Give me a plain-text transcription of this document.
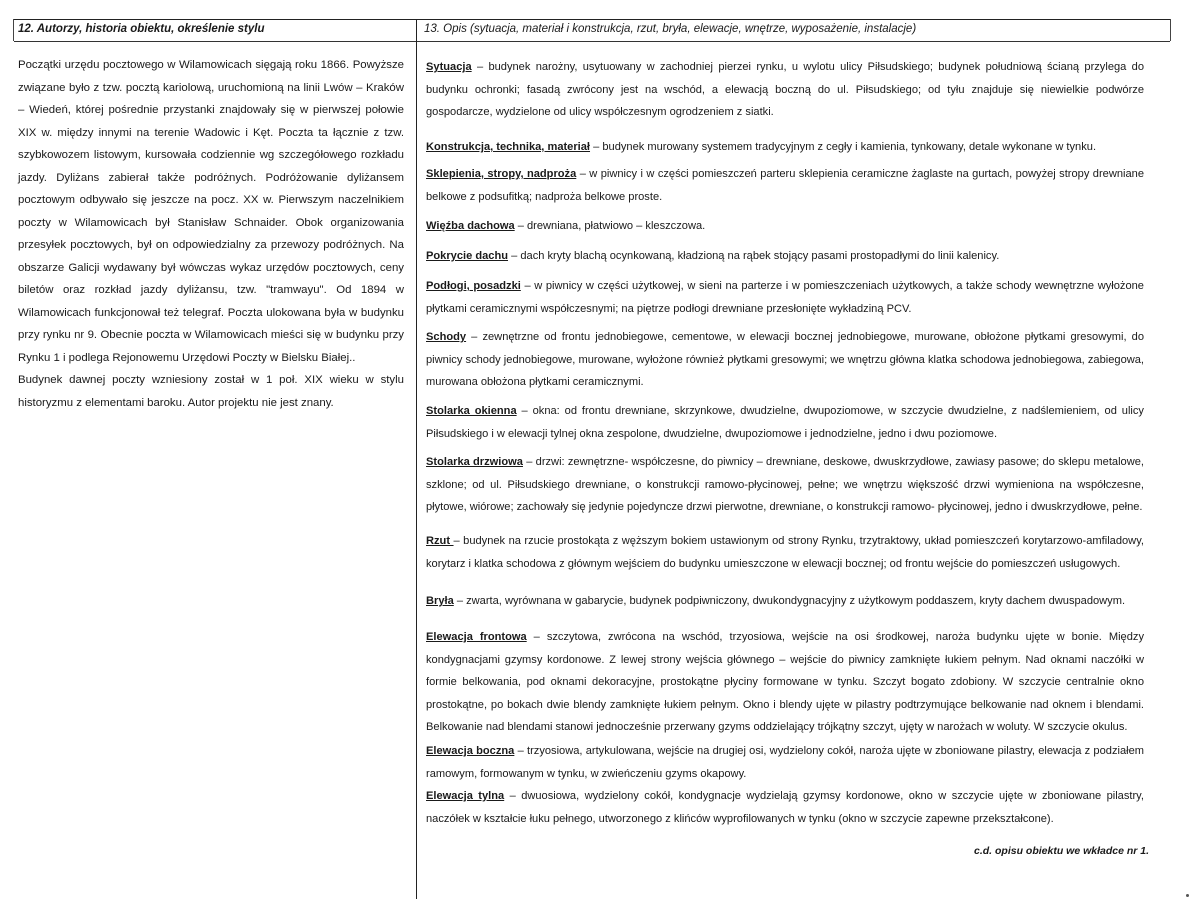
12. Autorzy, historia obiektu, określenie stylu	13. Opis (sytuacja, materiał i konstrukcja, rzut, bryła, elewacje, wnętrze, wyposażenie, instalacje)

Początki urzędu pocztowego w Wilamowicach sięgają roku 1866. Powyższe związane było z tzw. pocztą kariolową, uruchomioną na linii Lwów – Kraków – Wiedeń, której pośrednie przystanki znajdowały się w pierwszej połowie XIX w. między innymi na terenie Wadowic i Kęt. Poczta ta łącznie z tzw. szybkowozem listowym, kursowała codziennie wg szczegółowego rozkładu jazdy. Dyliżans zabierał także podróżnych. Podróżowanie dyliżansem pocztowym odbywało się jeszcze na pocz. XX w. Pierwszym naczelnikiem poczty w Wilamowicach był Stanisław Schnaider. Obok organizowania przesyłek pocztowych, był on odpowiedzialny za przewozy podróżnych. Na obszarze Galicji wydawany był wówczas wykaz urzędów pocztowych, ceny biletów oraz rozkład jazdy dyliżansu, tzw. "tramwayu". Od 1894 w Wilamowicach funkcjonował też telegraf. Poczta ulokowana była w budynku przy rynku nr 9. Obecnie poczta w Wilamowicach mieści się w budynku przy Rynku 1 i podlega Rejonowemu Urzędowi Poczty w Bielsku Białej..

Budynek dawnej poczty wzniesiony został w 1 poł. XIX wieku w stylu historyzmu z elementami baroku. Autor projektu nie jest znany.

Sytuacja – budynek narożny, usytuowany w zachodniej pierzei rynku, u wylotu ulicy Piłsudskiego; budynek południową ścianą przylega do budynku ochronki; fasadą zwrócony jest na wschód, a elewacją boczną do ul. Piłsudskiego; od tyłu znajduje się niewielkie podwórze gospodarcze, wydzielone od ulicy współczesnym ogrodzeniem z siatki.

Konstrukcja, technika, materiał – budynek murowany systemem tradycyjnym z cegły i kamienia, tynkowany, detale wykonane w tynku.

Sklepienia, stropy, nadproża – w piwnicy i w części pomieszczeń parteru sklepienia ceramiczne żaglaste na gurtach, powyżej stropy drewniane belkowe z podsufitką; nadproża belkowe proste.

Więźba dachowa – drewniana, płatwiowo – kleszczowa.

Pokrycie dachu – dach kryty blachą ocynkowaną, kładzioną na rąbek stojący pasami prostopadłymi do linii kalenicy.

Podłogi, posadzki – w piwnicy w części użytkowej, w sieni na parterze i w pomieszczeniach użytkowych, a także schody wewnętrzne wyłożone płytkami ceramicznymi współczesnymi; na piętrze podłogi drewniane przesłonięte wykładziną PCV.

Schody – zewnętrzne od frontu jednobiegowe, cementowe, w elewacji bocznej jednobiegowe, murowane, obłożone płytkami gresowymi, do piwnicy schody jednobiegowe, murowane, wyłożone również płytkami gresowymi; we wnętrzu główna klatka schodowa jednobiegowa, zabiegowa, murowana obłożona płytkami ceramicznymi.

Stolarka okienna – okna: od frontu drewniane, skrzynkowe, dwudzielne, dwupoziomowe, w szczycie dwudzielne, z nadślemieniem, od ulicy Piłsudskiego i w elewacji tylnej okna zespolone, dwudzielne, dwupoziomowe i jednodzielne, jedno i dwu poziomowe.

Stolarka drzwiowa – drzwi: zewnętrzne- współczesne, do piwnicy – drewniane, deskowe, dwuskrzydłowe, zawiasy pasowe; do sklepu metalowe, szklone; od ul. Piłsudskiego drewniane, o konstrukcji ramowo-płycinowej, pełne; we wnętrzu większość drzwi wymieniona na współczesne, płytowe, wiórowe; zachowały się jedynie pojedyncze drzwi pierwotne, drewniane, o konstrukcji ramowo- płycinowej, jedno i dwuskrzydłowe, pełne.

Rzut – budynek na rzucie prostokąta z węższym bokiem ustawionym od strony Rynku, trzytraktowy, układ pomieszczeń korytarzowo-amfiladowy, korytarz i klatka schodowa z głównym wejściem do budynku umieszczone w elewacji bocznej; od frontu wejście do pomieszczeń usługowych.

Bryła – zwarta, wyrównana w gabarycie, budynek podpiwniczony, dwukondygnacyjny z użytkowym poddaszem, kryty dachem dwuspadowym.

Elewacja frontowa – szczytowa, zwrócona na wschód, trzyosiowa, wejście na osi środkowej, naroża budynku ujęte w bonie. Między kondygnacjami gzymsy kordonowe. Z lewej strony wejścia głównego – wejście do piwnicy zamknięte łukiem pełnym. Nad oknami naczółki w formie belkowania, pod oknami dekoracyjne, prostokątne płyciny formowane w tynku. Szczyt bogato zdobiony. W szczycie centralnie okno prostokątne, po bokach dwie blendy zamknięte łukiem pełnym. Okno i blendy ujęte w pilastry podtrzymujące belkowanie nad oknem i blendami. Belkowanie nad blendami stanowi jednocześnie przerwany gzyms oddzielający trójkątny szczyt, ujęty w narożach w woluty. W szczycie okulus.

Elewacja boczna – trzyosiowa, artykulowana, wejście na drugiej osi, wydzielony cokół, naroża ujęte w zboniowane pilastry, elewacja z podziałem ramowym, formowanym w tynku, w zwieńczeniu gzyms okapowy.

Elewacja tylna – dwuosiowa, wydzielony cokół, kondygnacje wydzielają gzymsy kordonowe, okno w szczycie ujęte w zboniowane pilastry, naczółek w kształcie łuku pełnego, utworzonego z klińców wyprofilowanych w tynku (okno w szczycie zapewne przekształcone).

c.d. opisu obiektu we wkładce nr 1.
